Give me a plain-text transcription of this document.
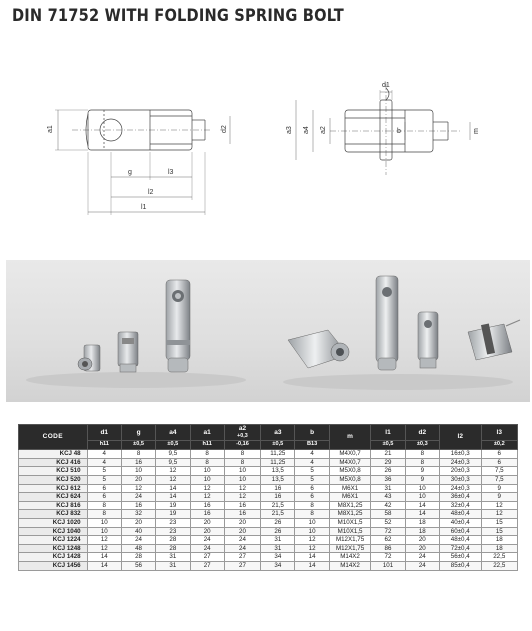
DIN 71752 WITH FOLDING SPRING BOLT
a1	d2
g	l3
l2
l1
d1
a3 a4 a2	b	m
CODE	d1	g	a4	a1	a2
+0,3	a3	b	m	l1	d2	l2	l3
	h11	±0,5	±0,5	h11	-0,16	±0,5	B13		±0,5	±0,3		±0,2
KCJ 48	4	8	9,5	8	8	11,25	4	M4X0,7	21	8	16±0,3	6
KCJ 416	4	16	9,5	8	8	11,25	4	M4X0,7	29	8	24±0,3	6
KCJ 510	5	10	12	10	10	13,5	5	M5X0,8	26	9	20±0,3	7,5
KCJ 520	5	20	12	10	10	13,5	5	M5X0,8	36	9	30±0,3	7,5
KCJ 612	6	12	14	12	12	16	6	M6X1	31	10	24±0,3	9
KCJ 624	6	24	14	12	12	16	6	M6X1	43	10	36±0,4	9
KCJ 816	8	16	19	16	16	21,5	8	M8X1,25	42	14	32±0,4	12
KCJ 832	8	32	19	16	16	21,5	8	M8X1,25	58	14	48±0,4	12
KCJ 1020	10	20	23	20	20	26	10	M10X1,5	52	18	40±0,4	15
KCJ 1040	10	40	23	20	20	26	10	M10X1,5	72	18	60±0,4	15
KCJ 1224	12	24	28	24	24	31	12	M12X1,75	62	20	48±0,4	18
KCJ 1248	12	48	28	24	24	31	12	M12X1,75	86	20	72±0,4	18
KCJ 1428	14	28	31	27	27	34	14	M14X2	72	24	56±0,4	22,5
KCJ 1456	14	56	31	27	27	34	14	M14X2	101	24	85±0,4	22,5
